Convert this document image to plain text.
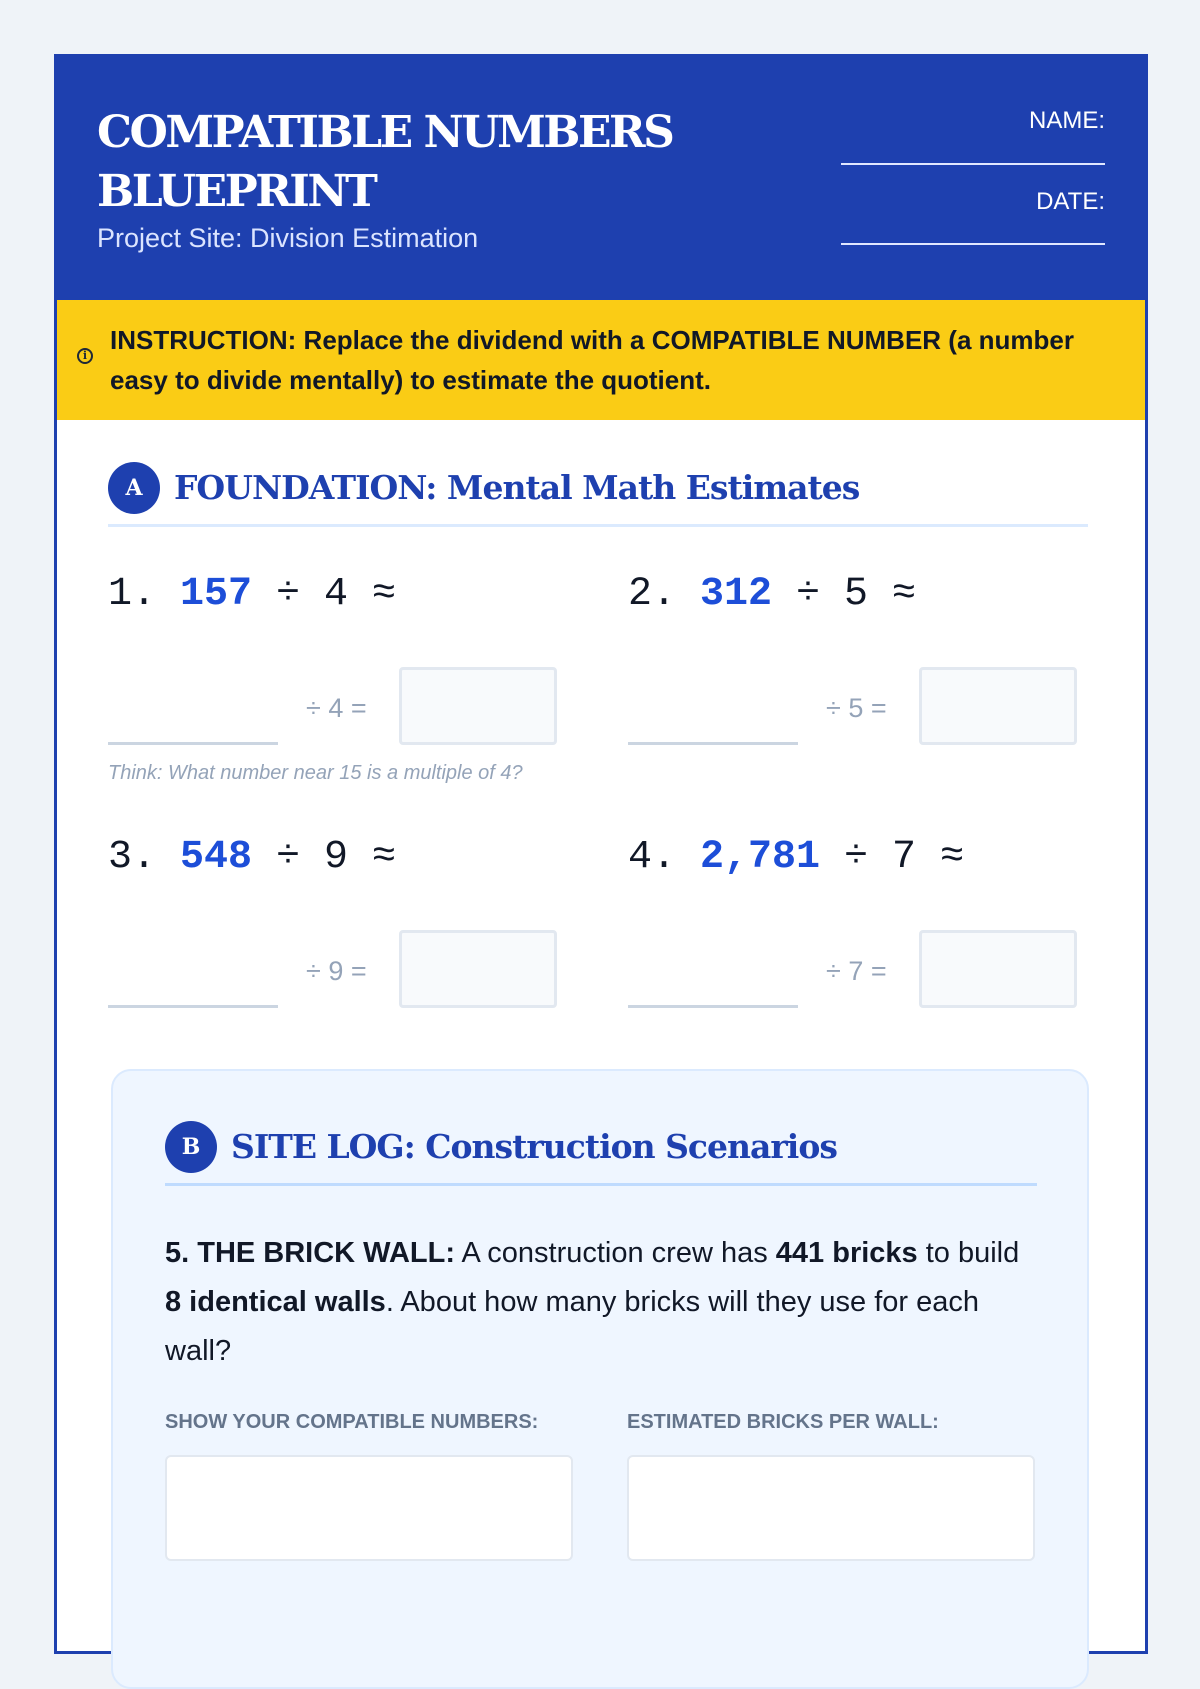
COMPATIBLE NUMBERS
BLUEPRINT
Project Site: Division Estimation
NAME:
DATE:
i
INSTRUCTION: Replace the dividend with a COMPATIBLE NUMBER (a number easy to divide mentally) to estimate the quotient.
A FOUNDATION: Mental Math Estimates
1. 157 ÷ 4 ≈
÷ 4 =
Think: What number near 15 is a multiple of 4?
2. 312 ÷ 5 ≈
÷ 5 =
3. 548 ÷ 9 ≈
÷ 9 =
4. 2,781 ÷ 7 ≈
÷ 7 =
B SITE LOG: Construction Scenarios
5. THE BRICK WALL: A construction crew has 441 bricks to build 8 identical walls. About how many bricks will they use for each wall?
SHOW YOUR COMPATIBLE NUMBERS:	ESTIMATED BRICKS PER WALL:
